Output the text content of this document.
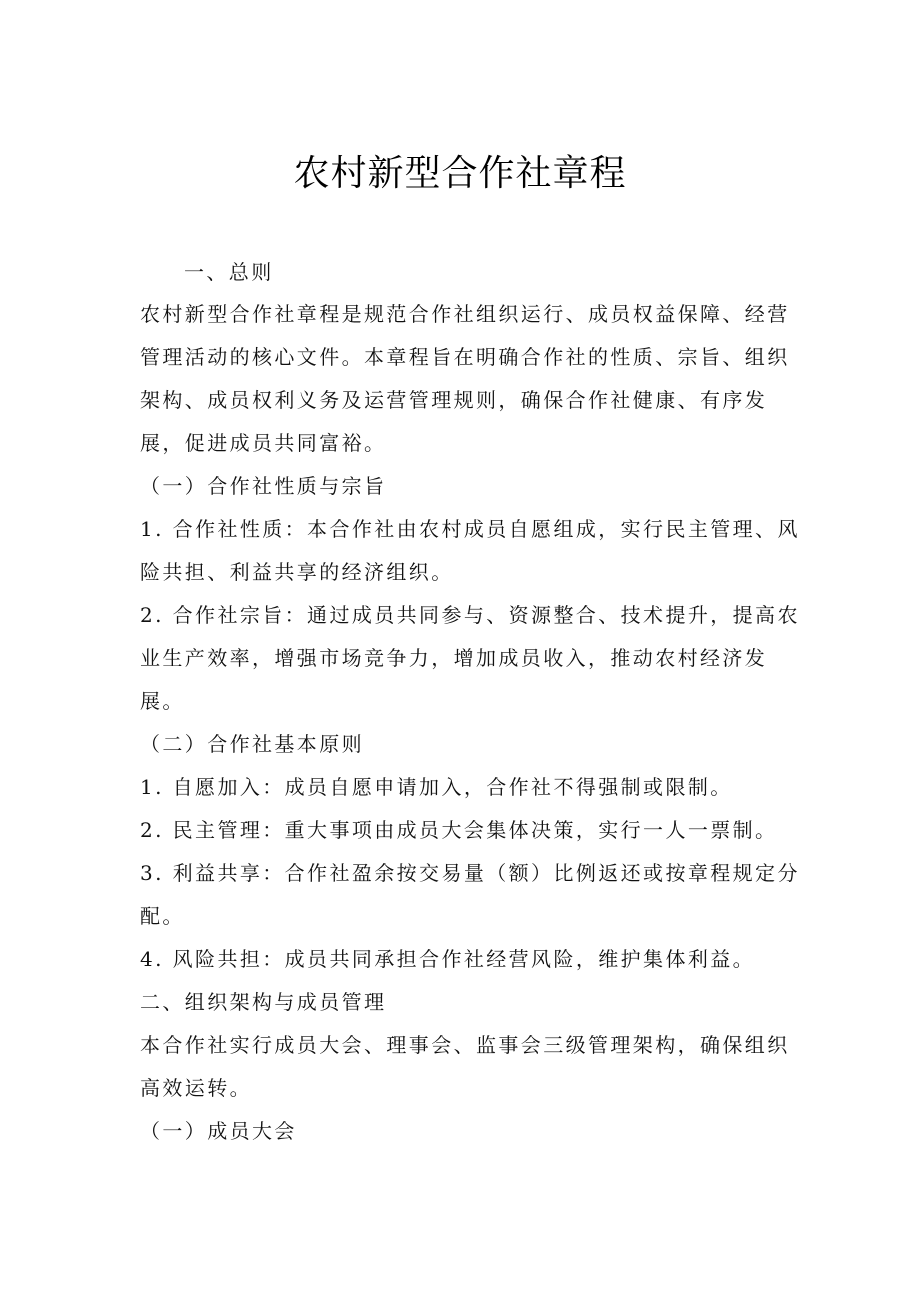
农村新型合作社章程
一、总则
农村新型合作社章程是规范合作社组织运行、成员权益保障、经营
管理活动的核心文件。本章程旨在明确合作社的性质、宗旨、组织
架构、成员权利义务及运营管理规则，确保合作社健康、有序发
展，促进成员共同富裕。
（一）合作社性质与宗旨
1. 合作社性质：本合作社由农村成员自愿组成，实行民主管理、风
险共担、利益共享的经济组织。
2. 合作社宗旨：通过成员共同参与、资源整合、技术提升，提高农
业生产效率，增强市场竞争力，增加成员收入，推动农村经济发
展。
（二）合作社基本原则
1. 自愿加入：成员自愿申请加入，合作社不得强制或限制。
2. 民主管理：重大事项由成员大会集体决策，实行一人一票制。
3. 利益共享：合作社盈余按交易量（额）比例返还或按章程规定分
配。
4. 风险共担：成员共同承担合作社经营风险，维护集体利益。
二、组织架构与成员管理
本合作社实行成员大会、理事会、监事会三级管理架构，确保组织
高效运转。
（一）成员大会
